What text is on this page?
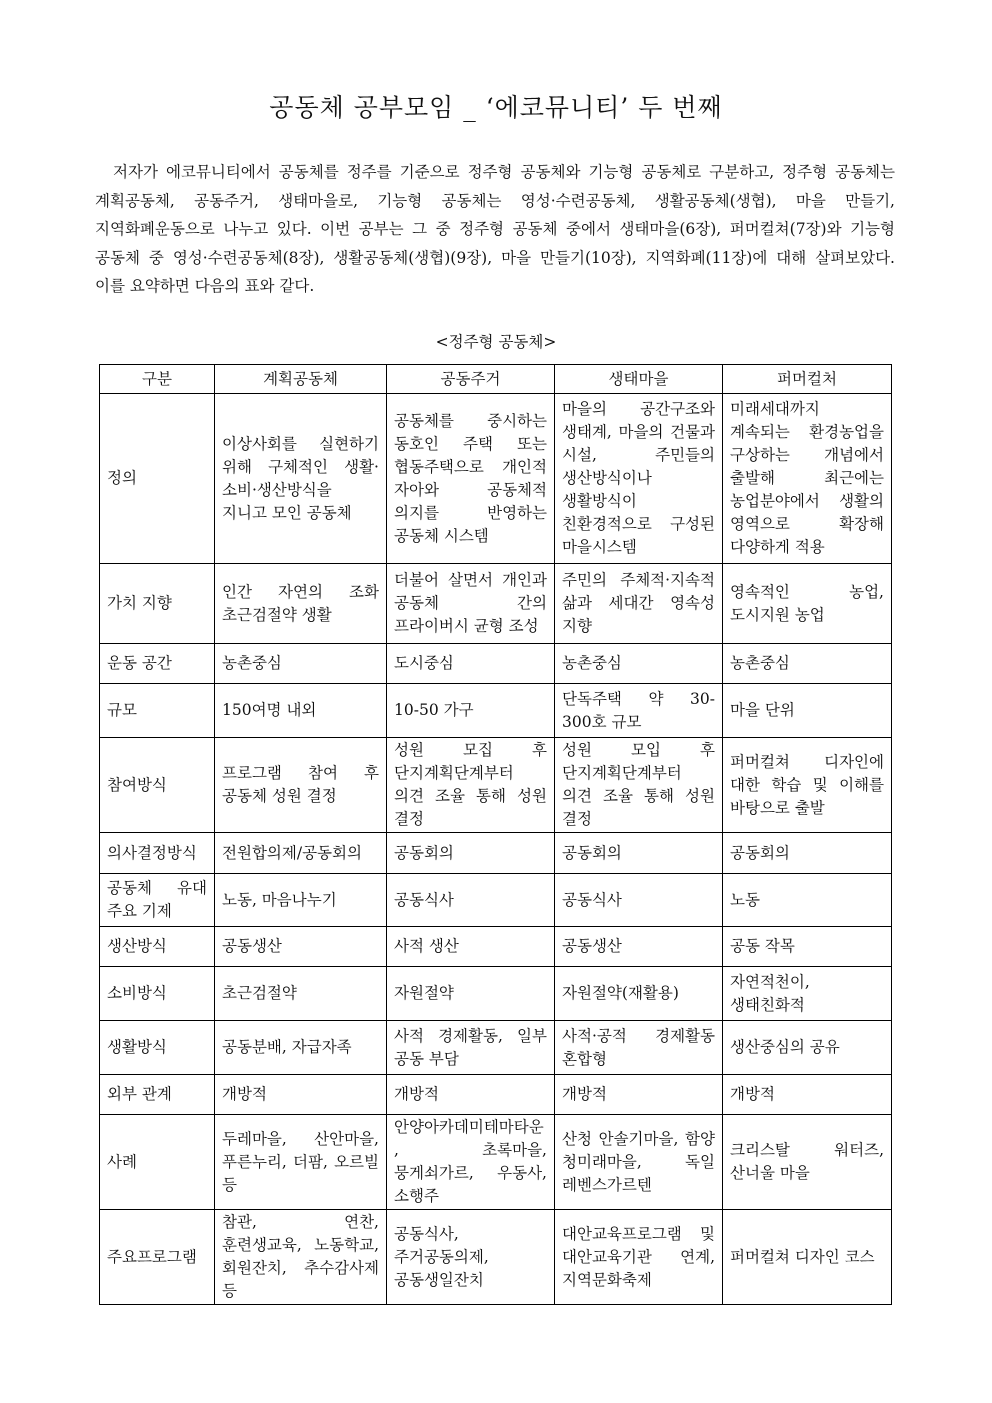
공동체 공부모임 _ ‘에코뮤니티’ 두 번째

저자가 에코뮤니티에서 공동체를 정주를 기준으로 정주형 공동체와 기능형 공동체로 구분하고, 정주형 공동체는 계획공동체, 공동주거, 생태마을로, 기능형 공동체는 영성·수련공동체, 생활공동체(생협), 마을 만들기, 지역화폐운동으로 나누고 있다. 이번 공부는 그 중 정주형 공동체 중에서 생태마을(6장), 퍼머컬쳐(7장)와 기능형 공동체 중 영성·수련공동체(8장), 생활공동체(생협)(9장), 마을 만들기(10장), 지역화폐(11장)에 대해 살펴보았다. 이를 요약하면 다음의 표와 같다.

<정주형 공동체>
구분	계획공동체	공동주거	생태마을	퍼머컬처
정의	이상사회를 실현하기 위해 구체적인 생활·소비·생산방식을 지니고 모인 공동체	공동체를 중시하는 동호인 주택 또는 협동주택으로 개인적 자아와 공동체적 의지를 반영하는 공동체 시스템	마을의 공간구조와 생태계, 마을의 건물과 시설, 주민들의 생산방식이나 생활방식이 친환경적으로 구성된 마을시스템	미래세대까지 계속되는 환경농업을 구상하는 개념에서 출발해 최근에는 농업분야에서 생활의 영역으로 확장해 다양하게 적용
가치 지향	인간 자연의 조화 초근검절약 생활	더불어 살면서 개인과 공동체 간의 프라이버시 균형 조성	주민의 주체적·지속적 삶과 세대간 영속성 지향	영속적인 농업, 도시지원 농업
운동 공간	농촌중심	도시중심	농촌중심	농촌중심
규모	150여명 내외	10-50 가구	단독주택 약 30-300호 규모	마을 단위
참여방식	프로그램 참여 후 공동체 성원 결정	성원 모집 후 단지계획단계부터 의견 조율 통해 성원 결정	성원 모입 후 단지계획단계부터 의견 조율 통해 성원 결정	퍼머컬쳐 디자인에 대한 학습 및 이해를 바탕으로 출발
의사결정방식	전원합의제/공동회의	공동회의	공동회의	공동회의
공동체 유대 주요 기제	노동, 마음나누기	공동식사	공동식사	노동
생산방식	공동생산	사적 생산	공동생산	공동 작목
소비방식	초근검절약	자원절약	자원절약(재활용)	자연적천이, 생태친화적
생활방식	공동분배, 자급자족	사적 경제활동, 일부 공동 부담	사적·공적 경제활동 혼합형	생산중심의 공유
외부 관계	개방적	개방적	개방적	개방적
사례	두레마을, 산안마을, 푸른누리, 더팜, 오르빌 등	안양아카데미테마타운, 초록마을, 뭉게쇠가르, 우동사, 소행주	산청 안솔기마을, 함양 청미래마을, 독일 레벤스가르텐	크리스탈 워터즈, 산너울 마을
주요프로그램	참관, 연찬, 훈련생교육, 노동학교, 회원잔치, 추수감사제 등	공동식사, 주거공동의제, 공동생일잔치	대안교육프로그램 및 대안교육기관 연계, 지역문화축제	퍼머컬쳐 디자인 코스
